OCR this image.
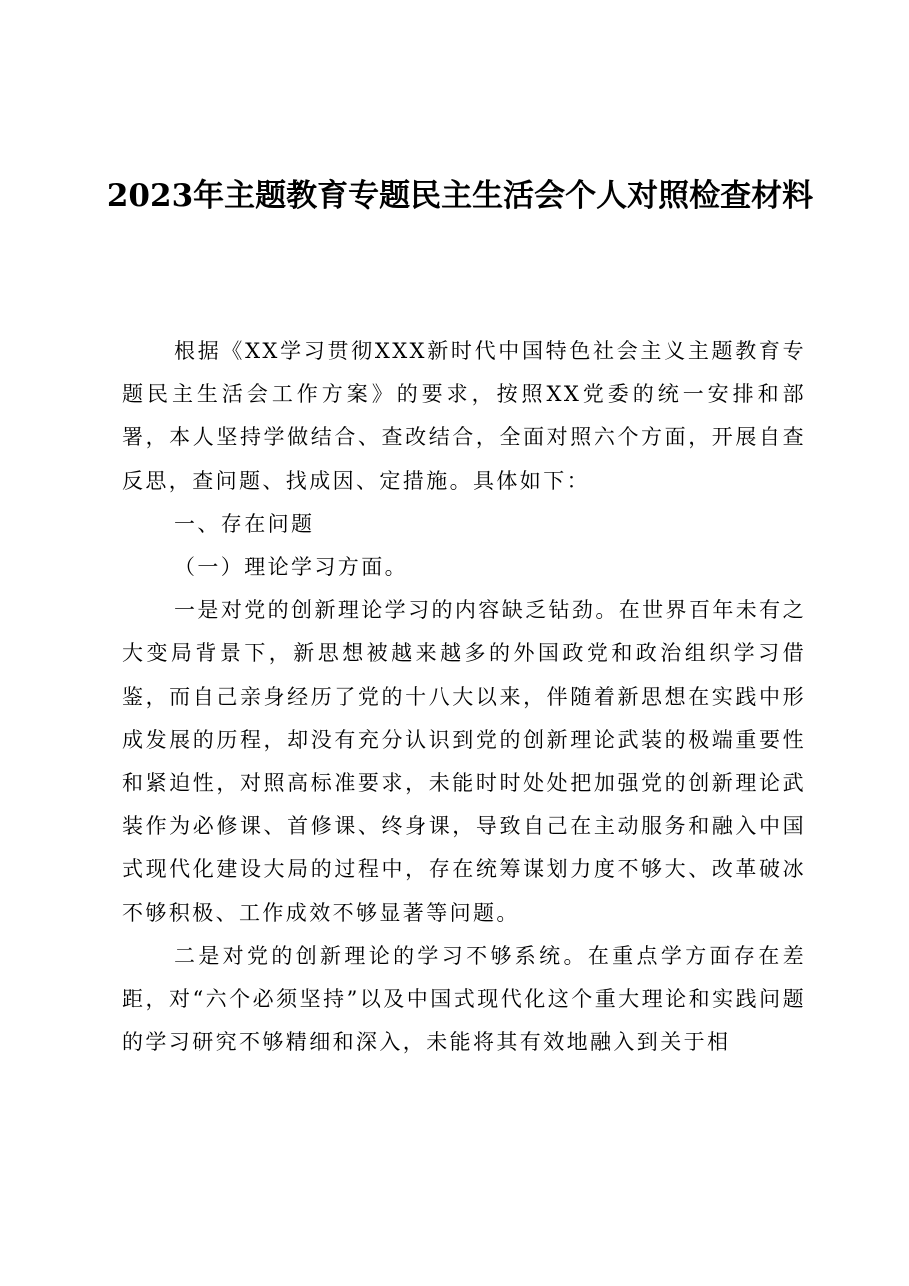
2023年主题教育专题民主生活会个人对照检查材料

根据《XX学习贯彻XXX新时代中国特色社会主义主题教育专题民主生活会工作方案》的要求，按照XX党委的统一安排和部署，本人坚持学做结合、查改结合，全面对照六个方面，开展自查反思，查问题、找成因、定措施。具体如下：

一、存在问题

（一）理论学习方面。

一是对党的创新理论学习的内容缺乏钻劲。在世界百年未有之大变局背景下，新思想被越来越多的外国政党和政治组织学习借鉴，而自己亲身经历了党的十八大以来，伴随着新思想在实践中形成发展的历程，却没有充分认识到党的创新理论武装的极端重要性和紧迫性，对照高标准要求，未能时时处处把加强党的创新理论武装作为必修课、首修课、终身课，导致自己在主动服务和融入中国式现代化建设大局的过程中，存在统筹谋划力度不够大、改革破冰不够积极、工作成效不够显著等问题。

二是对党的创新理论的学习不够系统。在重点学方面存在差距，对“六个必须坚持”以及中国式现代化这个重大理论和实践问题的学习研究不够精细和深入，未能将其有效地融入到关于相
